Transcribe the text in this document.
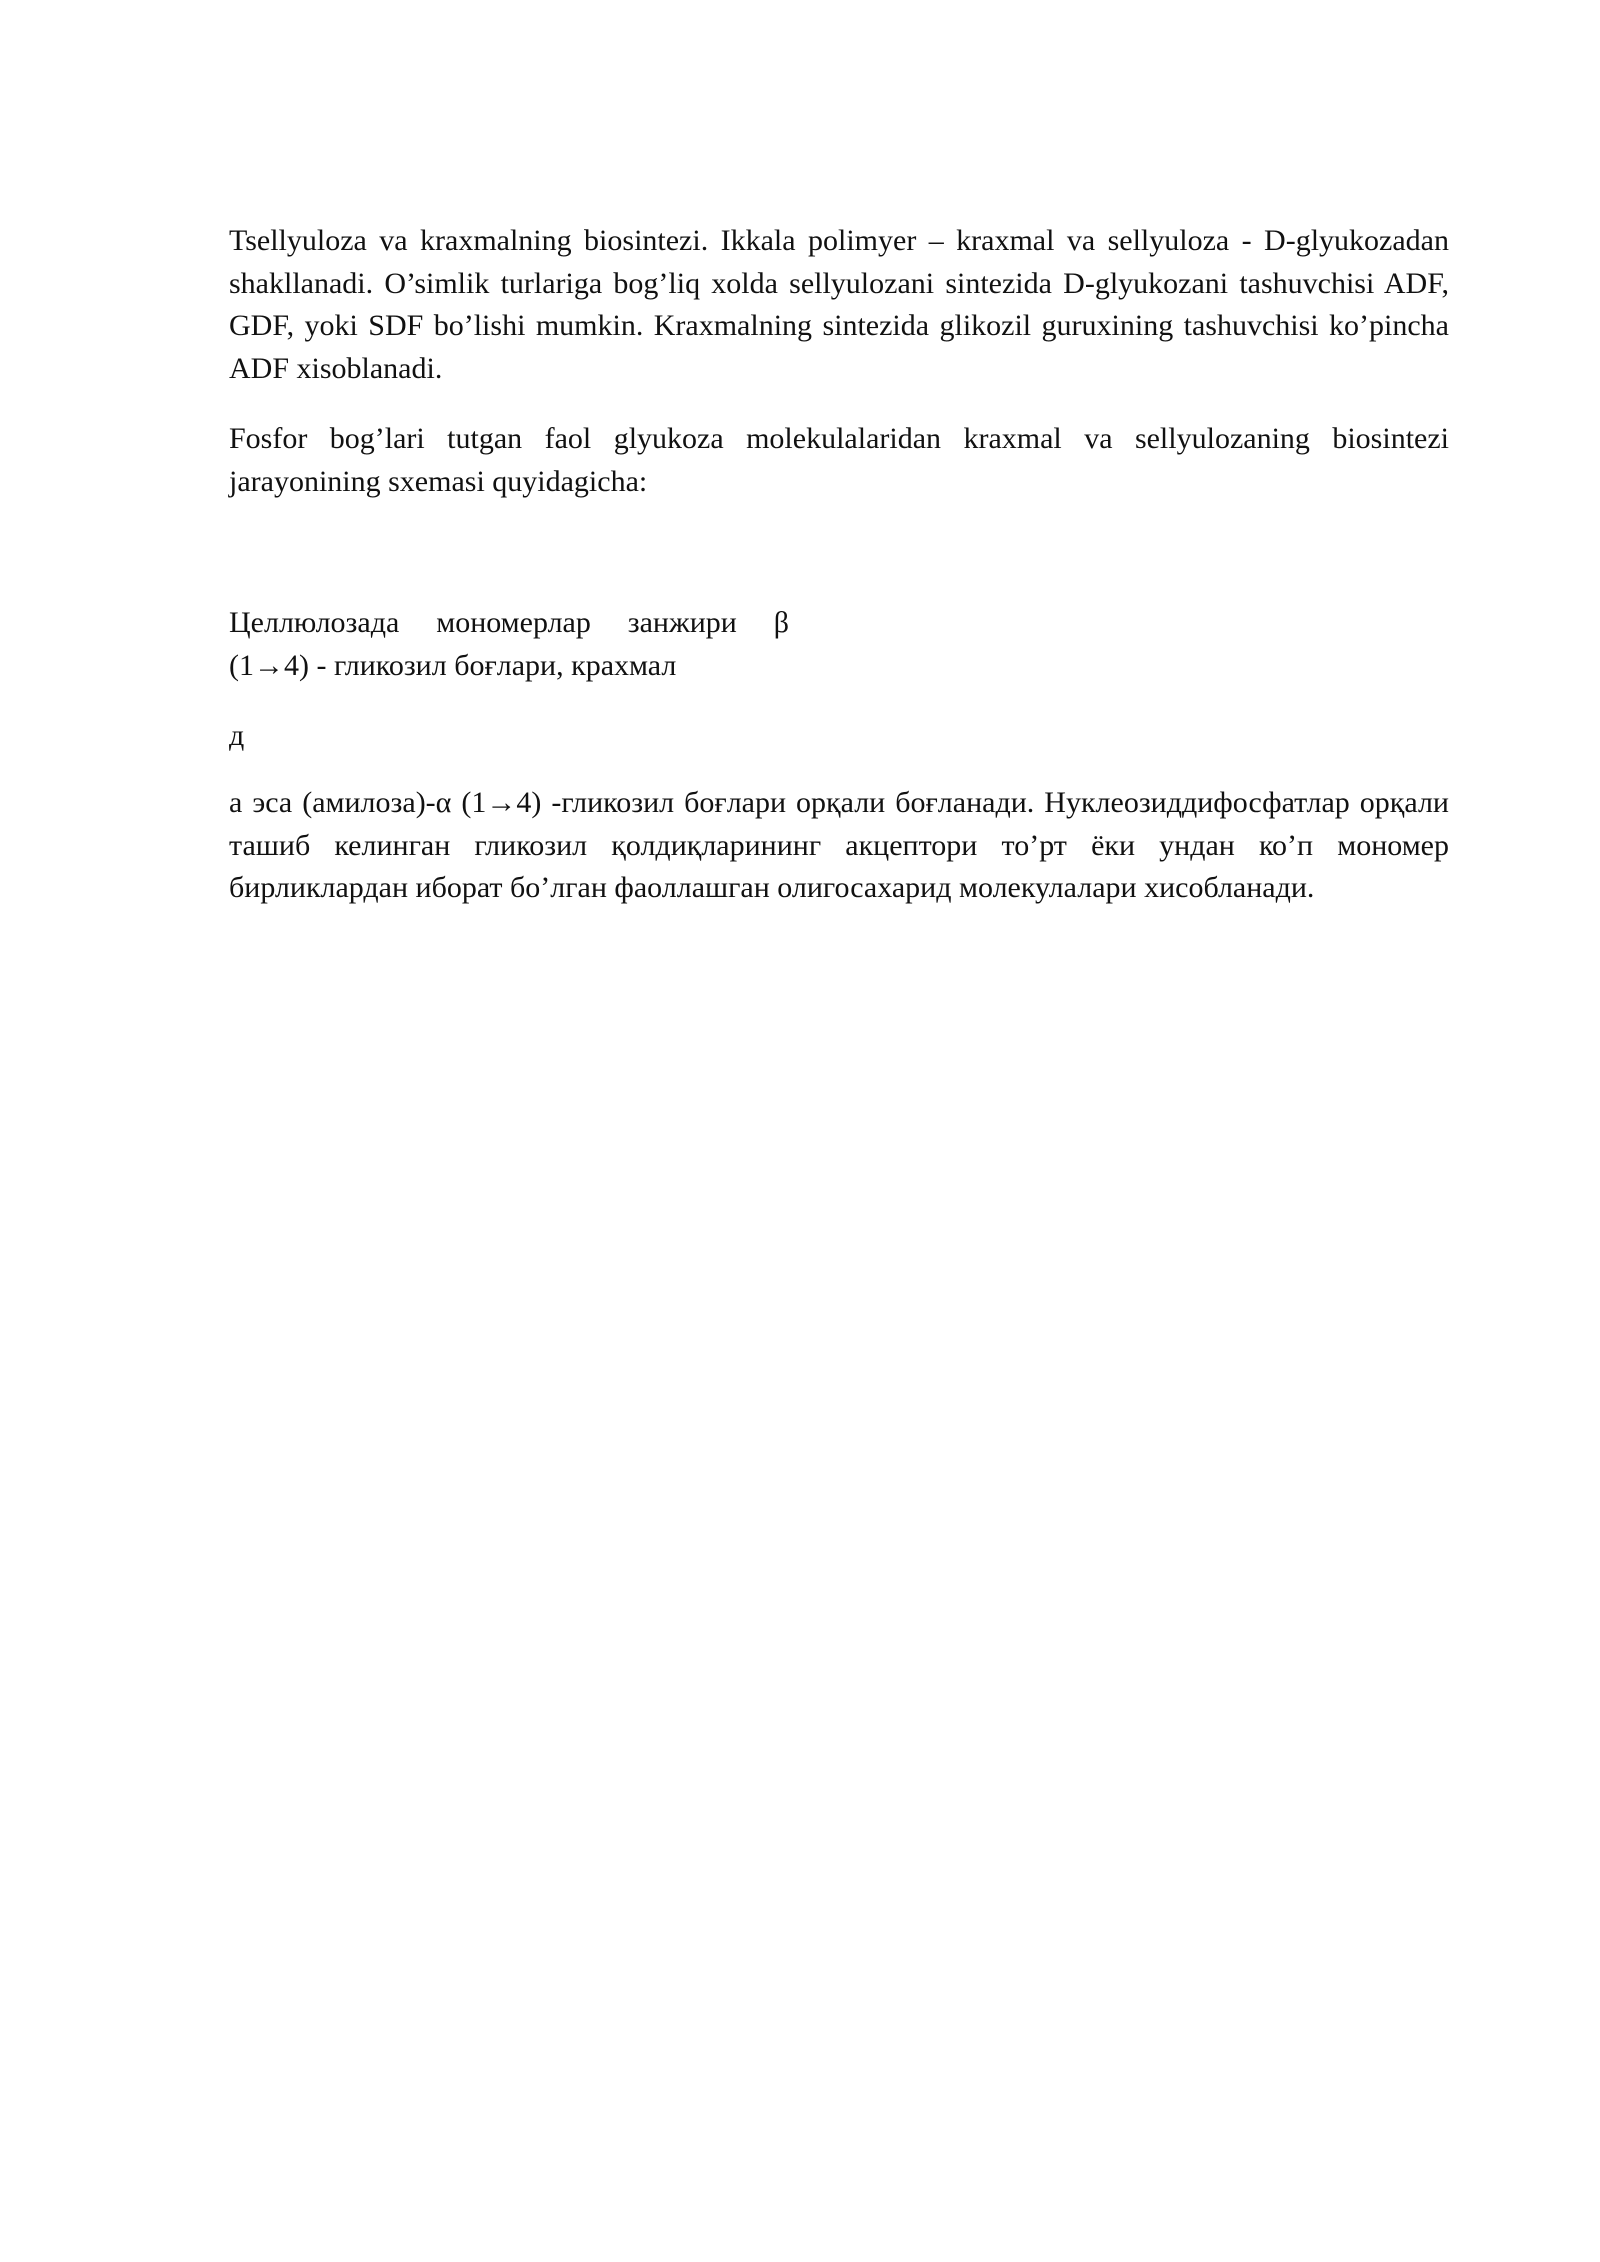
Tsellyuloza va kraxmalning biosintezi. Ikkala polimyer – kraxmal va sellyuloza - D-glyukozadan shakllanadi. O’simlik turlariga bog’liq xolda sellyulozani sintezida D-glyukozani tashuvchisi ADF, GDF, yoki SDF bo’lishi mumkin. Kraxmalning sintezida glikozil guruxining tashuvchisi ko’pincha ADF xisoblanadi.

Fosfor bog’lari tutgan faol glyukoza molekulalaridan kraxmal va sellyulozaning biosintezi jarayonining sxemasi quyidagicha:

Целлюлозада мономерлар занжири β
(1→4) - гликозил боғлари, крахмал

д

а эса (амилоза)-α (1→4) -гликозил боғлари орқали боғланади. Нуклеозиддифосфатлар орқали ташиб келинган гликозил қолдиқларининг акцептори то’рт ёки ундан ко’п мономер бирликлардан иборат бо’лган фаоллашган олигосахарид молекулалари хисобланади.
